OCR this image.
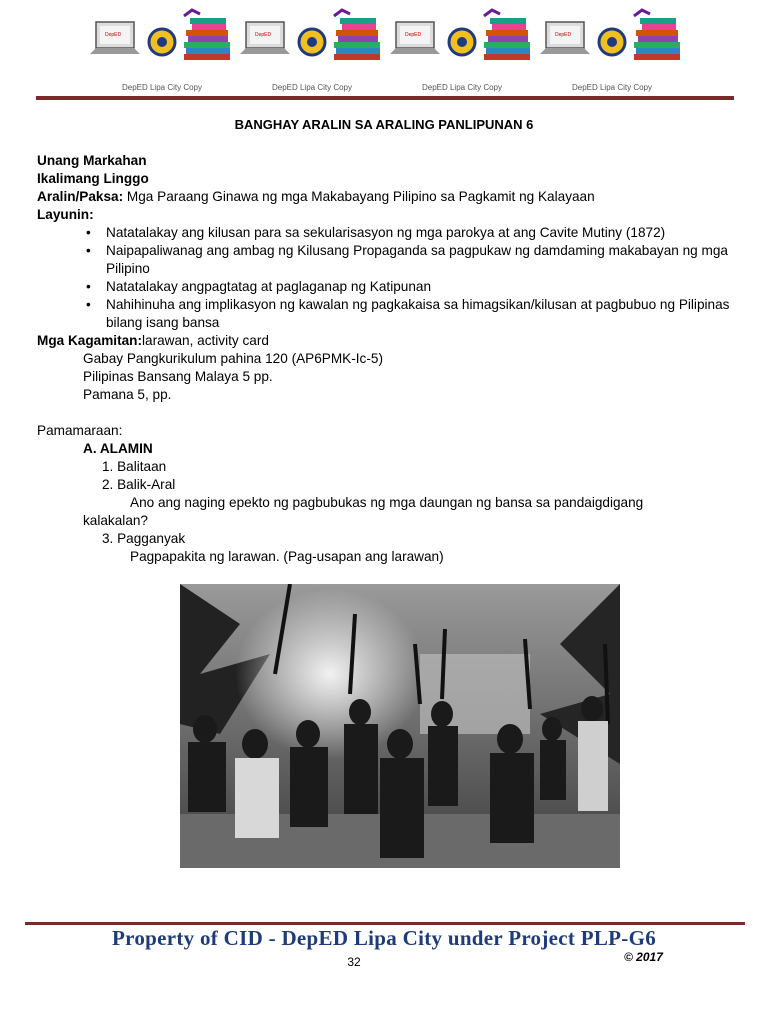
DepED
DepED Lipa City Copy
DepED
DepED Lipa City Copy
DepED
DepED Lipa City Copy
DepED
DepED Lipa City Copy
BANGHAY ARALIN SA ARALING PANLIPUNAN 6
Unang Markahan
Ikalimang Linggo
Aralin/Paksa: Mga Paraang Ginawa ng mga Makabayang Pilipino sa Pagkamit ng Kalayaan
Layunin:
• Natatalakay ang kilusan para sa sekularisasyon ng mga parokya at ang Cavite Mutiny (1872)
• Naipapaliwanag ang ambag ng Kilusang Propaganda sa pagpukaw ng damdaming makabayan ng mga Pilipino
• Natatalakay angpagtatag at paglaganap ng Katipunan
• Nahihinuha ang implikasyon ng kawalan ng pagkakaisa sa himagsikan/kilusan at pagbubuo ng Pilipinas bilang isang bansa
Mga Kagamitan:larawan, activity card
Gabay Pangkurikulum pahina 120 (AP6PMK-Ic-5)
Pilipinas Bansang Malaya 5 pp.
Pamana 5, pp.
Pamamaraan:
A. ALAMIN
1. Balitaan
2. Balik-Aral
Ano ang naging epekto ng pagbubukas ng mga daungan ng bansa sa pandaigdigang
kalakalan?
3. Pagganyak
Pagpapakita ng larawan. (Pag-usapan ang larawan)
Property of CID - DepED Lipa City under Project PLP-G6
32	© 2017
